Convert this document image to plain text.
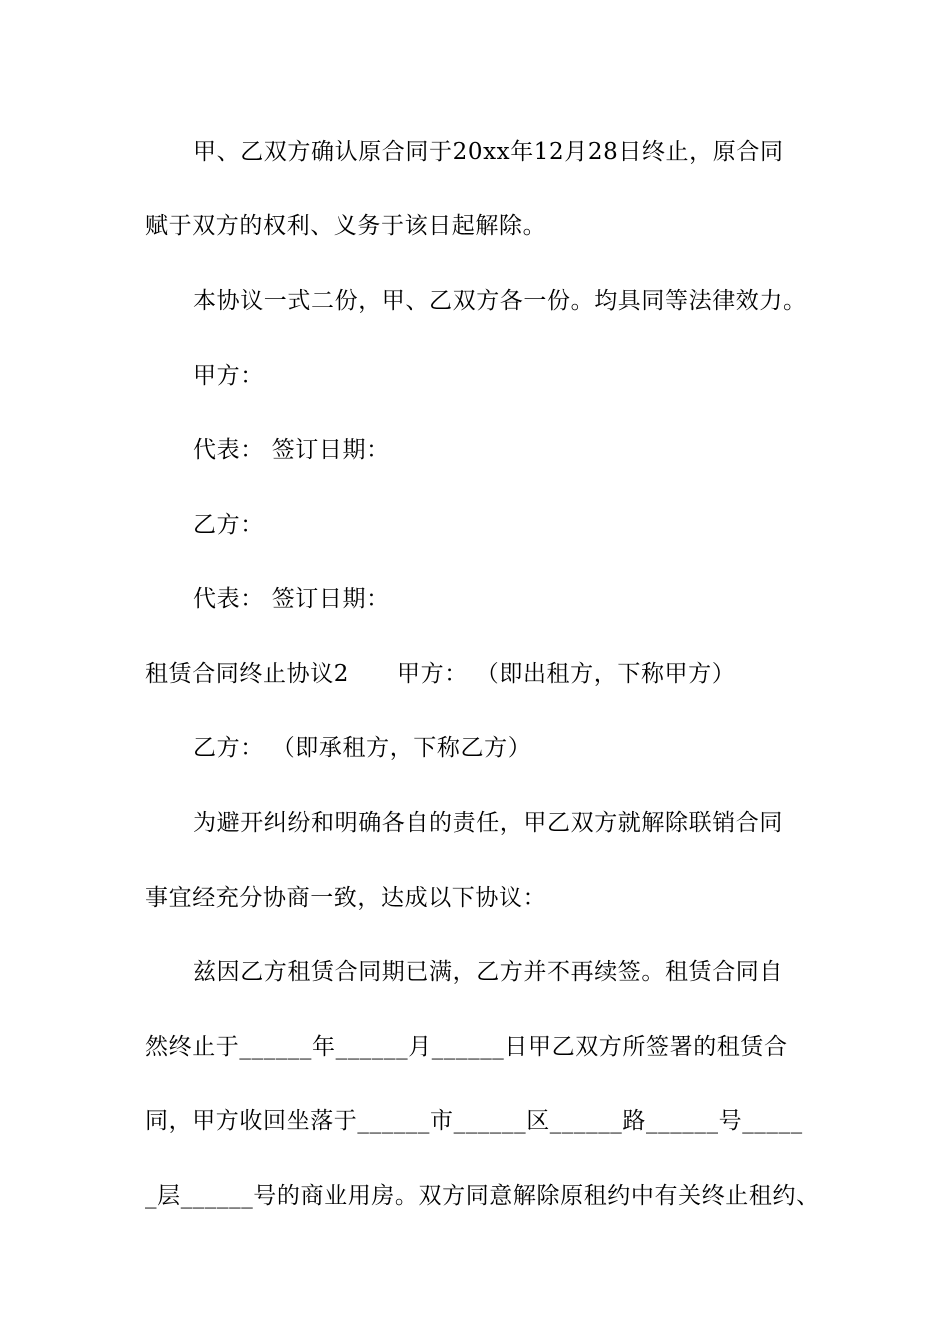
甲、乙双方确认原合同于20xx年12月28日终止，原合同
赋于双方的权利、义务于该日起解除。
本协议一式二份，甲、乙双方各一份。均具同等法律效力。
甲方：
代表： 签订日期：
乙方：
代表： 签订日期：
租赁合同终止协议2 甲方： （即出租方，下称甲方）
乙方： （即承租方，下称乙方）
为避开纠纷和明确各自的责任，甲乙双方就解除联销合同
事宜经充分协商一致，达成以下协议：
兹因乙方租赁合同期已满，乙方并不再续签。租赁合同自
然终止于______年______月______日甲乙双方所签署的租赁合
同，甲方收回坐落于______市______区______路______号_____
_层______号的商业用房。双方同意解除原租约中有关终止租约、
